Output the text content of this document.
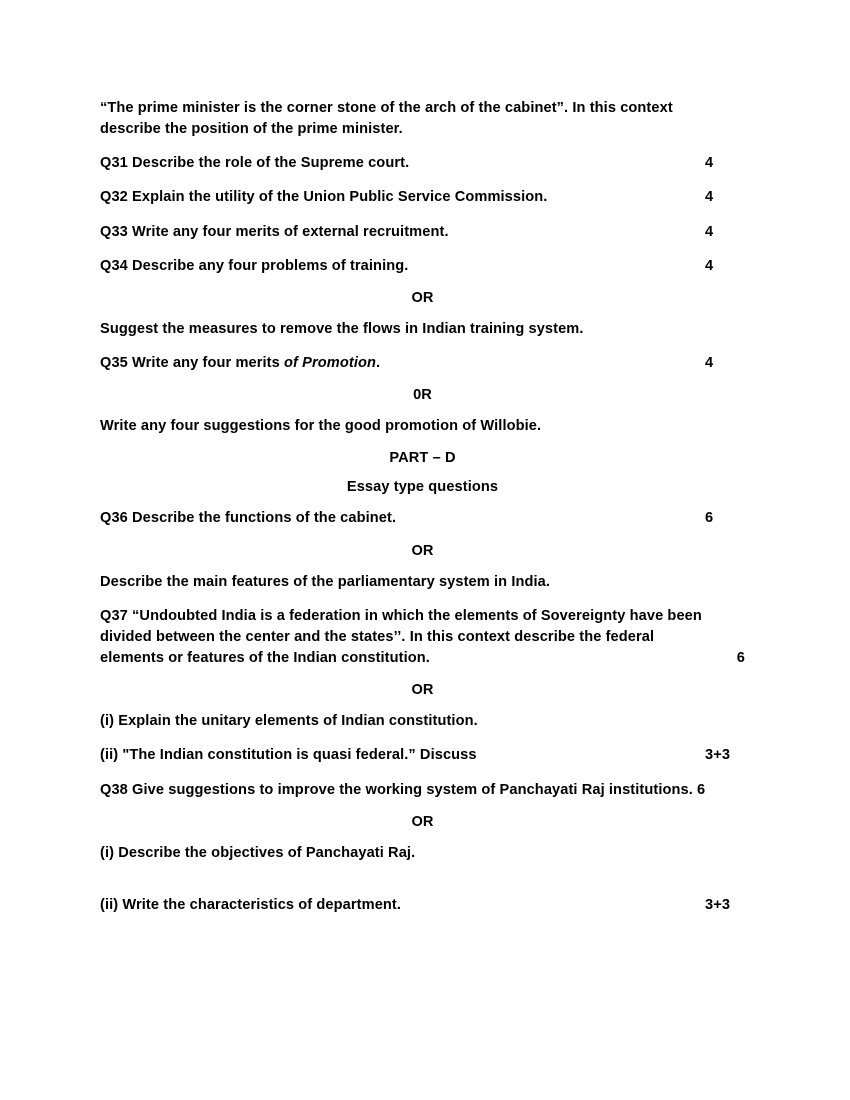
“The prime minister is the corner stone of the arch of the cabinet”. In this context
describe the position of the prime minister.

Q31 Describe the role of the Supreme court.	4
Q32 Explain the utility of the Union Public Service Commission.	4
Q33 Write any four merits of external recruitment.	4
Q34 Describe any four problems of training.	4
OR

Suggest the measures to remove the flows in Indian training system.

Q35 Write any four merits of Promotion.	4
0R

Write any four suggestions for the good promotion of Willobie.

PART – D
Essay type questions
Q36 Describe the functions of the cabinet.	6
OR

Describe the main features of the parliamentary system in India.

Q37 “Undoubted India is a federation in which the elements of Sovereignty have been
divided between the center and the states’’. In this context describe the federal
elements or features of the Indian constitution.	6

OR

(i) Explain the unitary elements of Indian constitution.

(ii) "The Indian constitution is quasi federal.” Discuss	3+3

Q38 Give suggestions to improve the working system of Panchayati Raj institutions. 6

OR

(i) Describe the objectives of Panchayati Raj.

(ii) Write the characteristics of department.	3+3
